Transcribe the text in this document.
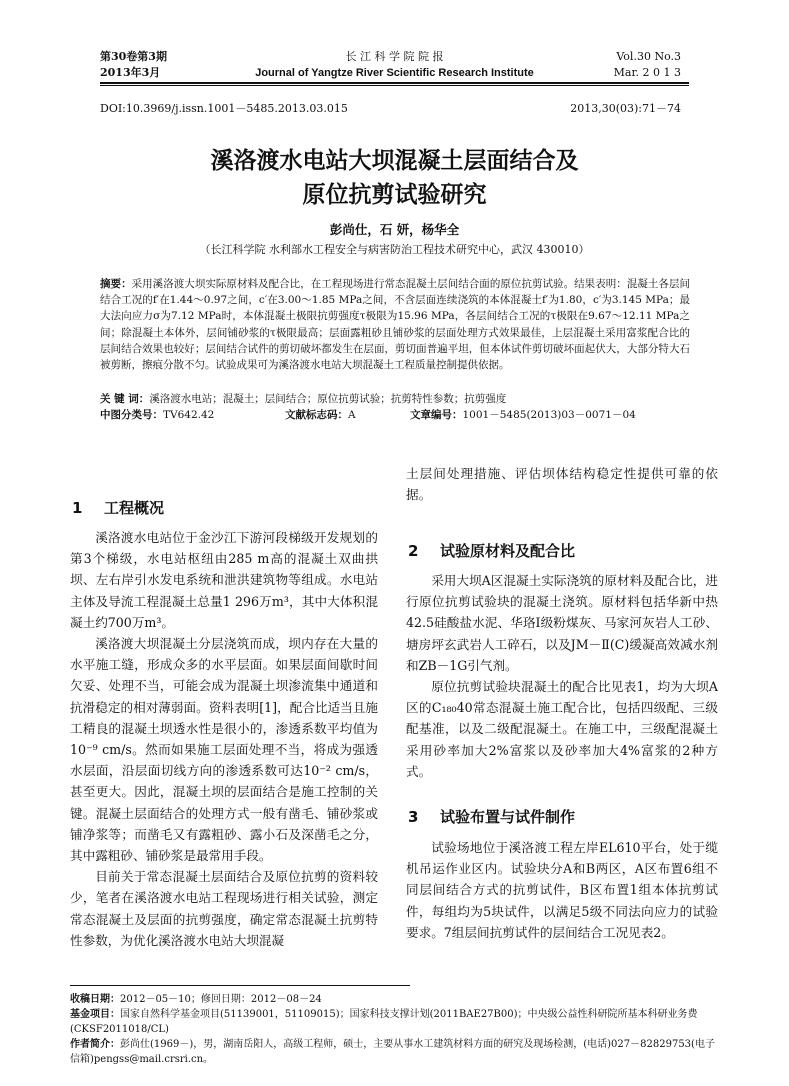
第30卷第3期
2013年3月
长 江 科 学 院 院 报
Journal of Yangtze River Scientific Research Institute
Vol.30 No.3
Mar. 2 0 1 3
DOI:10.3969/j.issn.1001－5485.2013.03.015	2013,30(03):71－74
溪洛渡水电站大坝混凝土层面结合及
原位抗剪试验研究
彭尚仕，石 妍，杨华全
（长江科学院 水利部水工程安全与病害防治工程技术研究中心，武汉 430010）
摘要：采用溪洛渡大坝实际原材料及配合比，在工程现场进行常态混凝土层间结合面的原位抗剪试验。结果表明：混凝土各层间结合工况的f′在1.44～0.97之间，c′在3.00～1.85 MPa之间，不含层面连续浇筑的本体混凝土f′为1.80，c′为3.145 MPa；最大法向应力σ为7.12 MPa时，本体混凝土极限抗剪强度τ极限为15.96 MPa，各层间结合工况的τ极限在9.67～12.11 MPa之间；除混凝土本体外，层间铺砂浆的τ极限最高；层面露粗砂且铺砂浆的层面处理方式效果最佳，上层混凝土采用富浆配合比的层间结合效果也较好；层间结合试件的剪切破坏都发生在层面，剪切面普遍平坦，但本体试件剪切破坏面起伏大，大部分特大石被剪断，擦痕分散不匀。试验成果可为溪洛渡水电站大坝混凝土工程质量控制提供依据。
关 键 词：溪洛渡水电站；混凝土；层间结合；原位抗剪试验；抗剪特性参数；抗剪强度
中图分类号：TV642.42	文献标志码：A	文章编号：1001－5485(2013)03－0071－04
1 工程概况

溪洛渡水电站位于金沙江下游河段梯级开发规划的第3个梯级，水电站枢纽由285 m高的混凝土双曲拱坝、左右岸引水发电系统和泄洪建筑物等组成。水电站主体及导流工程混凝土总量1 296万m³，其中大体积混凝土约700万m³。

溪洛渡大坝混凝土分层浇筑而成，坝内存在大量的水平施工缝，形成众多的水平层面。如果层面间歇时间欠妥、处理不当，可能会成为混凝土坝渗流集中通道和抗滑稳定的相对薄弱面。资料表明[1]，配合比适当且施工精良的混凝土坝透水性是很小的，渗透系数平均值为10⁻⁹ cm/s。然而如果施工层面处理不当，将成为强透水层面，沿层面切线方向的渗透系数可达10⁻² cm/s，甚至更大。因此，混凝土坝的层面结合是施工控制的关键。混凝土层面结合的处理方式一般有凿毛、铺砂浆或铺净浆等；而凿毛又有露粗砂、露小石及深凿毛之分，其中露粗砂、铺砂浆是最常用手段。

目前关于常态混凝土层面结合及原位抗剪的资料较少，笔者在溪洛渡水电站工程现场进行相关试验，测定常态混凝土及层面的抗剪强度，确定常态混凝土抗剪特性参数，为优化溪洛渡水电站大坝混凝

土层间处理措施、评估坝体结构稳定性提供可靠的依据。

2 试验原材料及配合比

采用大坝A区混凝土实际浇筑的原材料及配合比，进行原位抗剪试验块的混凝土浇筑。原材料包括华新中热42.5硅酸盐水泥、华珞Ⅰ级粉煤灰、马家河灰岩人工砂、塘房坪玄武岩人工碎石，以及JM－Ⅱ(C)缓凝高效减水剂和ZB－1G引气剂。

原位抗剪试验块混凝土的配合比见表1，均为大坝A区的C₁₈₀40常态混凝土施工配合比，包括四级配、三级配基准，以及二级配混凝土。在施工中，三级配混凝土采用砂率加大2%富浆以及砂率加大4%富浆的2种方式。

3 试验布置与试件制作

试验场地位于溪洛渡工程左岸EL610平台，处于缆机吊运作业区内。试验块分A和B两区，A区布置6组不同层间结合方式的抗剪试件，B区布置1组本体抗剪试件，每组均为5块试件，以满足5级不同法向应力的试验要求。7组层间抗剪试件的层间结合工况见表2。

收稿日期：2012－05－10；修回日期：2012－08－24
基金项目：国家自然科学基金项目(51139001，51109015)；国家科技支撑计划(2011BAE27B00)；中央级公益性科研院所基本科研业务费(CKSF2011018/CL)
作者简介：彭尚仕(1969－)，男，湖南岳阳人，高级工程师，硕士，主要从事水工建筑材料方面的研究及现场检测，(电话)027－82829753(电子信箱)pengss@mail.crsri.cn。
